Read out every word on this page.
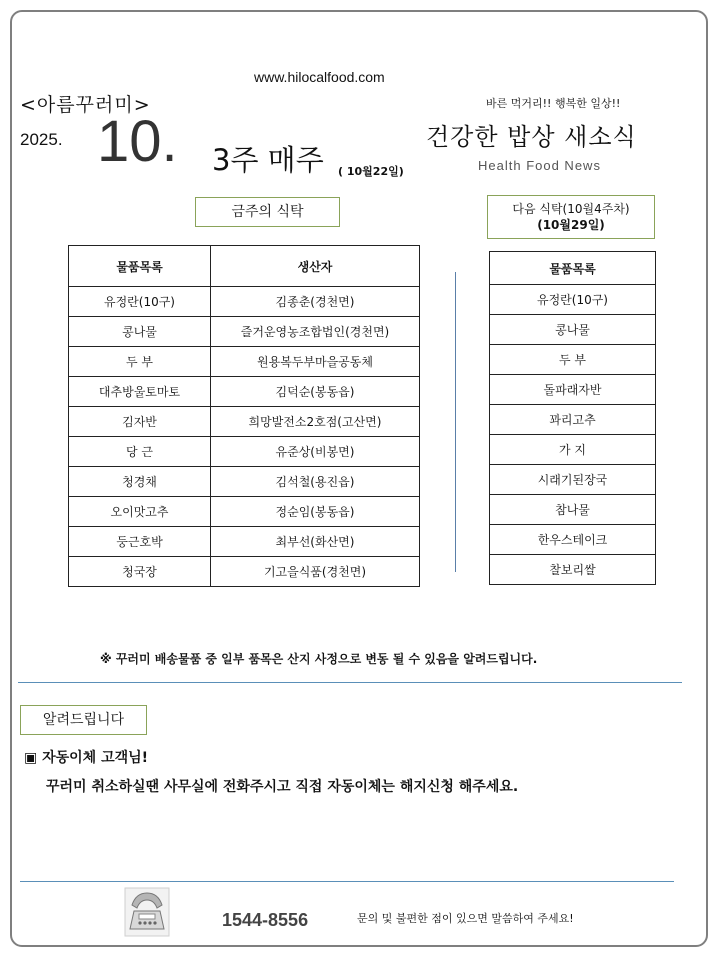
www.hilocalfood.com
<아름꾸러미>
2025. 10. 3주 매주 ( 10월22일)
바른 먹거리!! 행복한 일상!!
건강한 밥상 새소식
Health Food News
금주의 식탁	다음 식탁(10월4주차)
(10월29일)
물품목록	생산자
유정란(10구)	김종춘(경천면)
콩나물	즐거운영농조합법인(경천면)
두 부	원용복두부마을공동체
대추방울토마토	김덕순(봉동읍)
김자반	희망발전소2호점(고산면)
당 근	유준상(비봉면)
청경채	김석철(용진읍)
오이맛고추	정순임(봉동읍)
둥근호박	최부선(화산면)
청국장	기고을식품(경천면)
물품목록
유정란(10구)
콩나물
두 부
돌파래자반
꽈리고추
가 지
시래기된장국
참나물
한우스테이크
찰보리쌀
※ 꾸러미 배송물품 중 일부 품목은 산지 사정으로 변동 될 수 있음을 알려드립니다.
알려드립니다
▣ 자동이체 고객님!
꾸러미 취소하실땐 사무실에 전화주시고 직접 자동이체는 해지신청 해주세요.
1544-8556	문의 및 불편한 점이 있으면 말씀하여 주세요!
